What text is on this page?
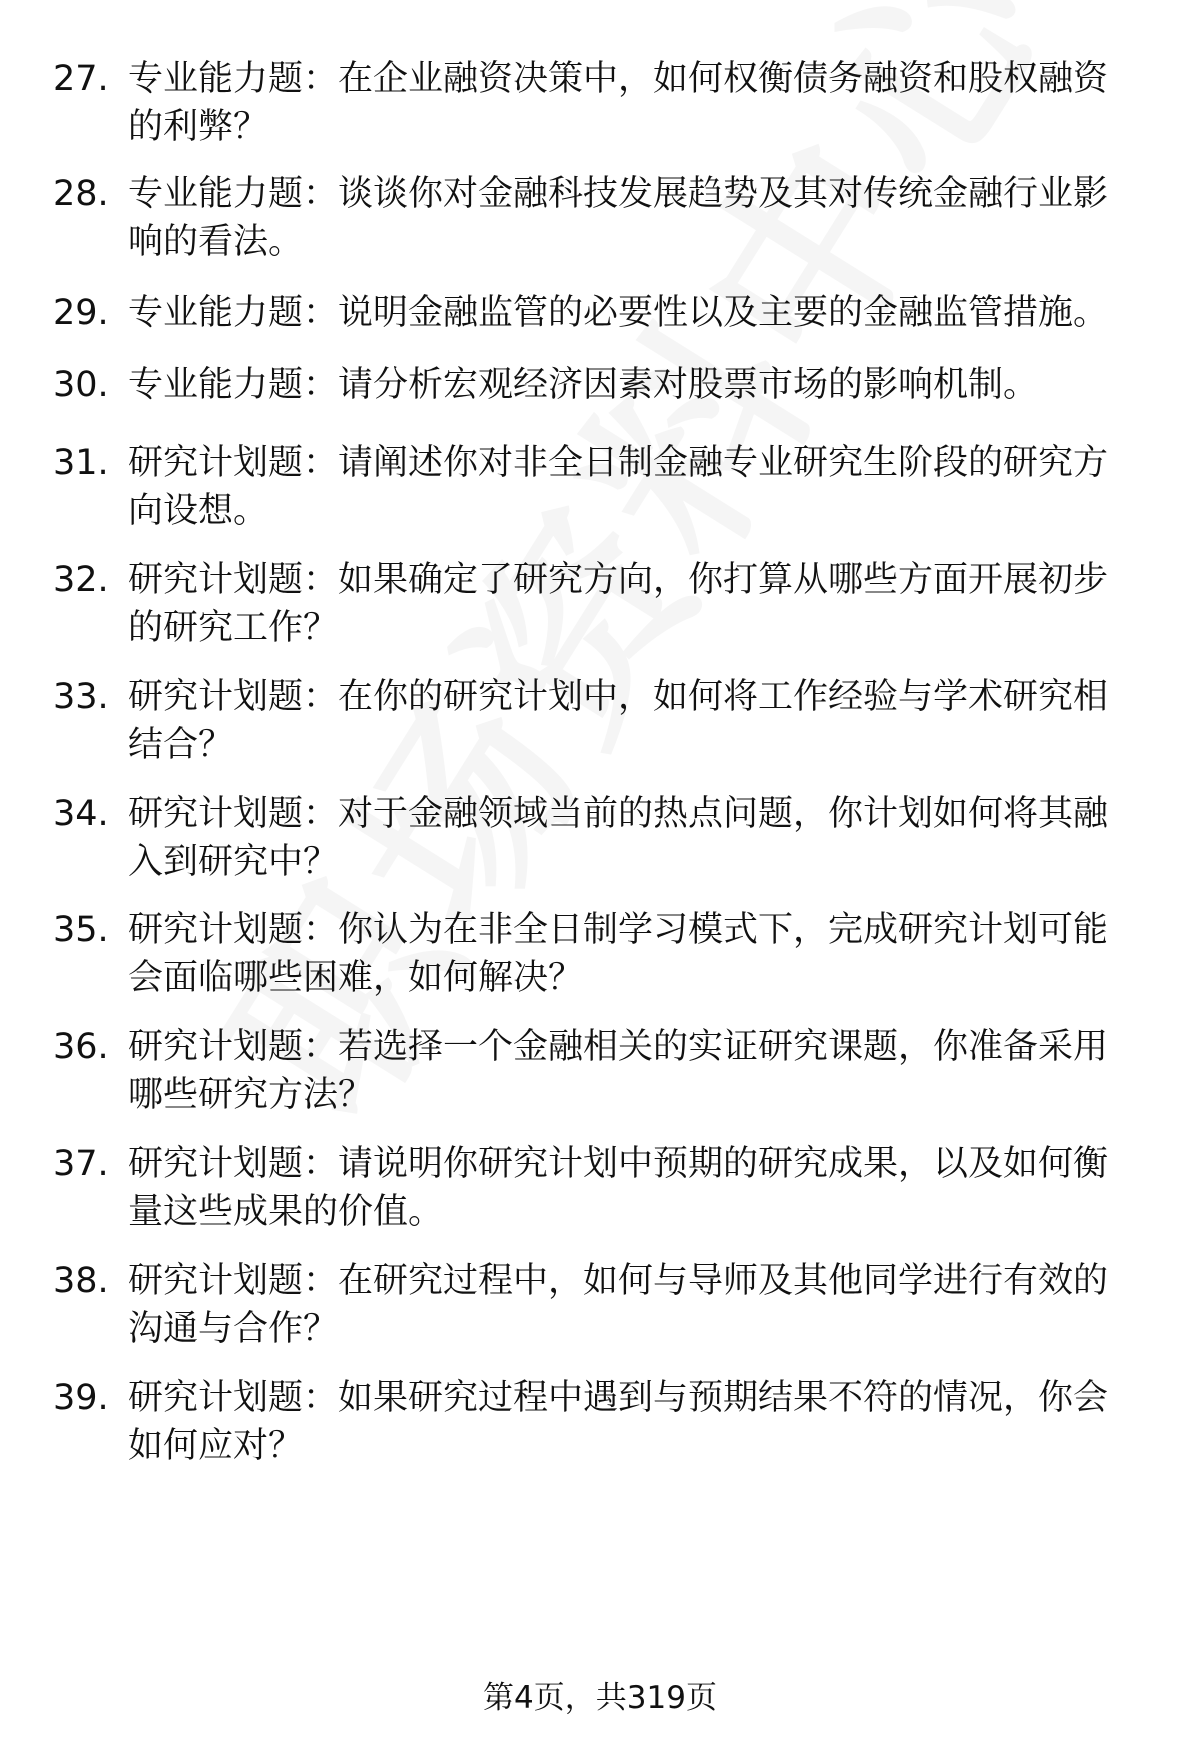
27. 专业能力题：在企业融资决策中，如何权衡债务融资和股权融资
的利弊？
28. 专业能力题：谈谈你对金融科技发展趋势及其对传统金融行业影
响的看法。
29. 专业能力题：说明金融监管的必要性以及主要的金融监管措施。
30. 专业能力题：请分析宏观经济因素对股票市场的影响机制。
31. 研究计划题：请阐述你对非全日制金融专业研究生阶段的研究方
向设想。
32. 研究计划题：如果确定了研究方向，你打算从哪些方面开展初步
的研究工作？
33. 研究计划题：在你的研究计划中，如何将工作经验与学术研究相
结合？
34. 研究计划题：对于金融领域当前的热点问题，你计划如何将其融
入到研究中？
35. 研究计划题：你认为在非全日制学习模式下，完成研究计划可能
会面临哪些困难，如何解决？
36. 研究计划题：若选择一个金融相关的实证研究课题，你准备采用
哪些研究方法？
37. 研究计划题：请说明你研究计划中预期的研究成果，以及如何衡
量这些成果的价值。
38. 研究计划题：在研究过程中，如何与导师及其他同学进行有效的
沟通与合作？
39. 研究计划题：如果研究过程中遇到与预期结果不符的情况，你会
如何应对？
第4页，共319页
